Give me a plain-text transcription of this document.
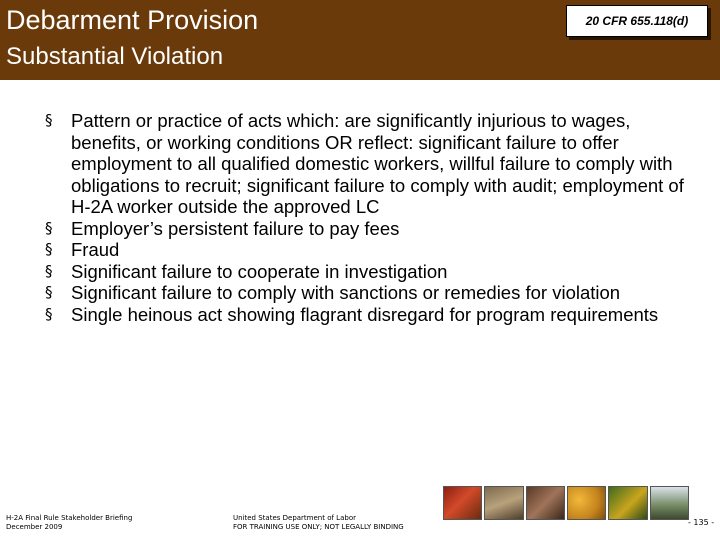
Debarment Provision
Substantial Violation
20 CFR 655.118(d)
§ Pattern or practice of acts which: are significantly injurious to wages, benefits, or working conditions OR reflect: significant failure to offer employment to all qualified domestic workers, willful failure to comply with obligations to recruit; significant failure to comply with audit; employment of H-2A worker outside the approved LC
§ Employer’s persistent failure to pay fees
§ Fraud
§ Significant failure to cooperate in investigation
§ Significant failure to comply with sanctions or remedies for violation
§ Single heinous act showing flagrant disregard for program requirements
H-2A Final Rule Stakeholder Briefing
December 2009
United States Department of Labor
FOR TRAINING USE ONLY; NOT LEGALLY BINDING	- 135 -
